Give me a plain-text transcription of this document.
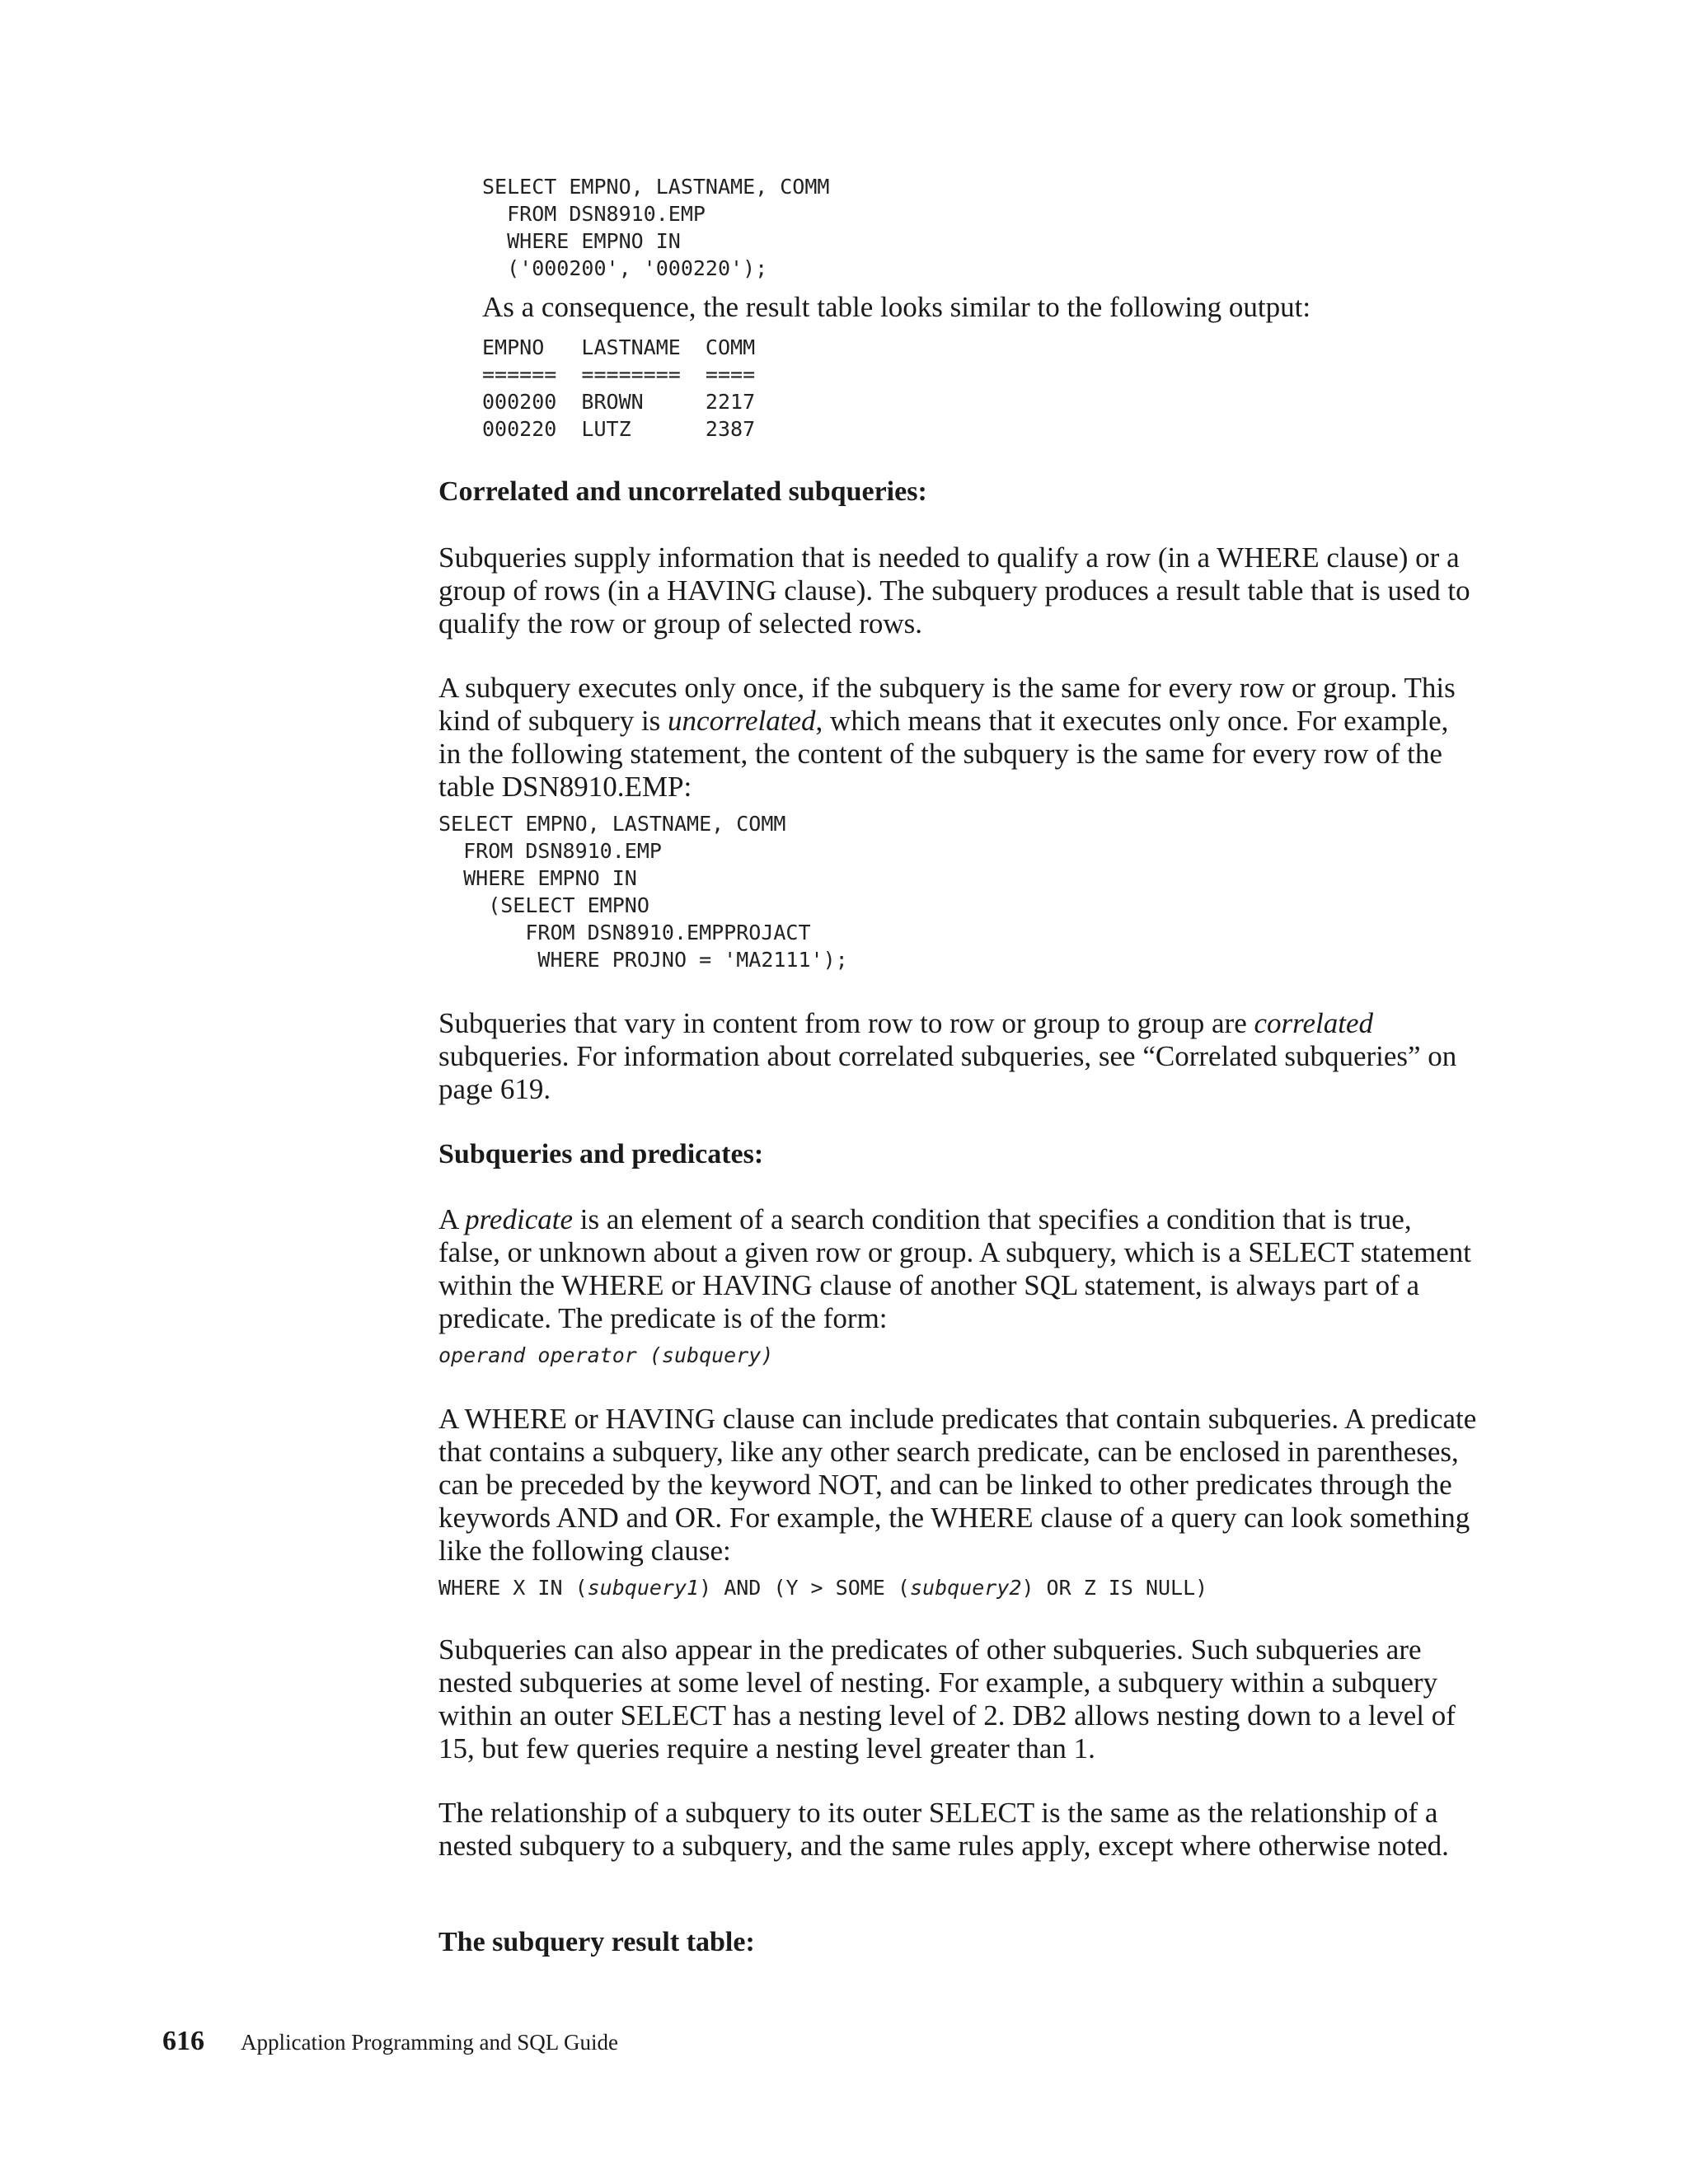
SELECT EMPNO, LASTNAME, COMM
FROM DSN8910.EMP
WHERE EMPNO IN
('000200', '000220');

As a consequence, the result table looks similar to the following output:

EMPNO   LASTNAME  COMM
======  ========  ====
000200  BROWN     2217
000220  LUTZ      2387
Correlated and uncorrelated subqueries:

Subqueries supply information that is needed to qualify a row (in a WHERE clause) or a group of rows (in a HAVING clause). The subquery produces a result table that is used to qualify the row or group of selected rows.

A subquery executes only once, if the subquery is the same for every row or group. This kind of subquery is uncorrelated, which means that it executes only once. For example, in the following statement, the content of the subquery is the same for every row of the table DSN8910.EMP:

SELECT EMPNO, LASTNAME, COMM
FROM DSN8910.EMP
WHERE EMPNO IN
(SELECT EMPNO
FROM DSN8910.EMPPROJACT
WHERE PROJNO = 'MA2111');

Subqueries that vary in content from row to row or group to group are correlated subqueries. For information about correlated subqueries, see “Correlated subqueries” on page 619.

Subqueries and predicates:

A predicate is an element of a search condition that specifies a condition that is true, false, or unknown about a given row or group. A subquery, which is a SELECT statement within the WHERE or HAVING clause of another SQL statement, is always part of a predicate. The predicate is of the form:

operand operator (subquery)

A WHERE or HAVING clause can include predicates that contain subqueries. A predicate that contains a subquery, like any other search predicate, can be enclosed in parentheses, can be preceded by the keyword NOT, and can be linked to other predicates through the keywords AND and OR. For example, the WHERE clause of a query can look something like the following clause:

WHERE X IN (subquery1) AND (Y > SOME (subquery2) OR Z IS NULL)

Subqueries can also appear in the predicates of other subqueries. Such subqueries are nested subqueries at some level of nesting. For example, a subquery within a subquery within an outer SELECT has a nesting level of 2. DB2 allows nesting down to a level of 15, but few queries require a nesting level greater than 1.

The relationship of a subquery to its outer SELECT is the same as the relationship of a nested subquery to a subquery, and the same rules apply, except where otherwise noted.

The subquery result table:
616 Application Programming and SQL Guide
